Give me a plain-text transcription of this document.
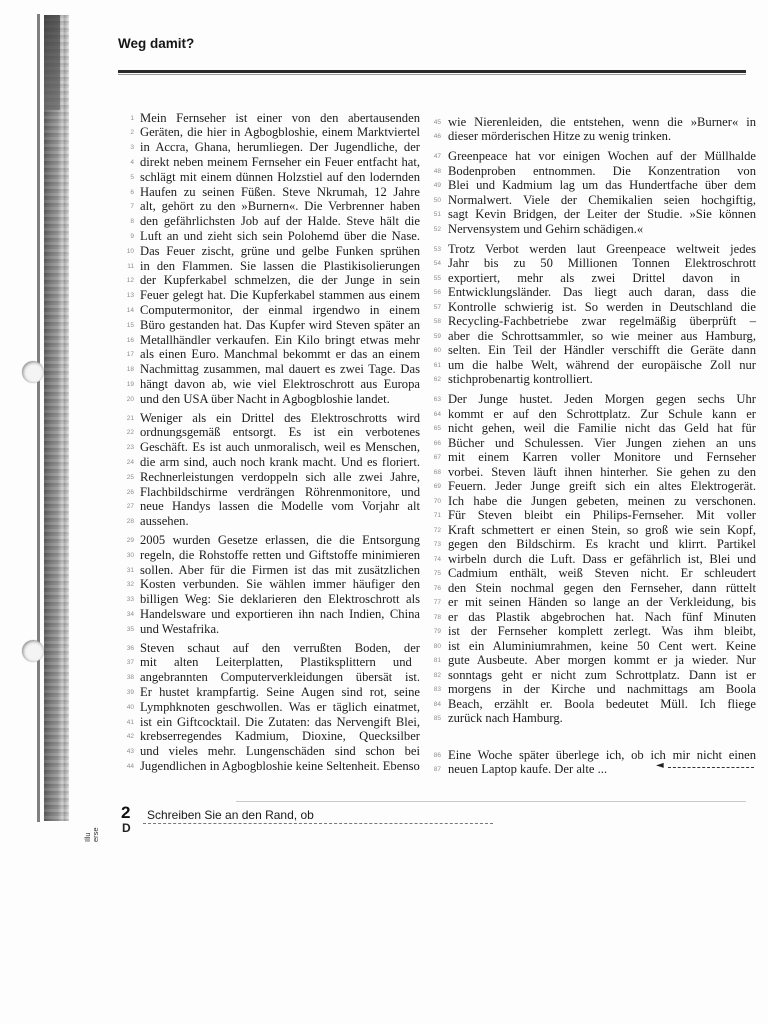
Weg damit?
1 Mein Fernseher ist einer von den abertausenden
2 Geräten, die hier in Agbogbloshie, einem Marktviertel
3 in Accra, Ghana, herumliegen. Der Jugendliche, der
4 direkt neben meinem Fernseher ein Feuer entfacht hat,
5 schlägt mit einem dünnen Holzstiel auf den lodernden
6 Haufen zu seinen Füßen. Steve Nkrumah, 12 Jahre
7 alt, gehört zu den »Burnern«. Die Verbrenner haben
8 den gefährlichsten Job auf der Halde. Steve hält die
9 Luft an und zieht sich sein Polohemd über die Nase.
10 Das Feuer zischt, grüne und gelbe Funken sprühen
11 in den Flammen. Sie lassen die Plastikisolierungen
12 der Kupferkabel schmelzen, die der Junge in sein
13 Feuer gelegt hat. Die Kupferkabel stammen aus einem
14 Computermonitor, der einmal irgendwo in einem
15 Büro gestanden hat. Das Kupfer wird Steven später an
16 Metallhändler verkaufen. Ein Kilo bringt etwas mehr
17 als einen Euro. Manchmal bekommt er das an einem
18 Nachmittag zusammen, mal dauert es zwei Tage. Das
19 hängt davon ab, wie viel Elektroschrott aus Europa
20 und den USA über Nacht in Agbogbloshie landet.
21 Weniger als ein Drittel des Elektroschrotts wird
22 ordnungsgemäß entsorgt. Es ist ein verbotenes
23 Geschäft. Es ist auch unmoralisch, weil es Menschen,
24 die arm sind, auch noch krank macht. Und es floriert.
25 Rechnerleistungen verdoppeln sich alle zwei Jahre,
26 Flachbildschirme verdrängen Röhrenmonitore, und
27 neue Handys lassen die Modelle vom Vorjahr alt
28 aussehen.
29 2005 wurden Gesetze erlassen, die die Entsorgung
30 regeln, die Rohstoffe retten und Giftstoffe minimieren
31 sollen. Aber für die Firmen ist das mit zusätzlichen
32 Kosten verbunden. Sie wählen immer häufiger den
33 billigen Weg: Sie deklarieren den Elektroschrott als
34 Handelsware und exportieren ihn nach Indien, China
35 und Westafrika.
36 Steven schaut auf den verrußten Boden, der
37 mit alten Leiterplatten, Plastiksplittern und
38 angebrannten Computerverkleidungen übersät ist.
39 Er hustet krampfartig. Seine Augen sind rot, seine
40 Lymphknoten geschwollen. Was er täglich einatmet,
41 ist ein Giftcocktail. Die Zutaten: das Nervengift Blei,
42 krebserregendes Kadmium, Dioxine, Quecksilber
43 und vieles mehr. Lungenschäden sind schon bei
44 Jugendlichen in Agbogbloshie keine Seltenheit. Ebenso
45 wie Nierenleiden, die entstehen, wenn die »Burner« in
46 dieser mörderischen Hitze zu wenig trinken.
47 Greenpeace hat vor einigen Wochen auf der Müllhalde
48 Bodenproben entnommen. Die Konzentration von
49 Blei und Kadmium lag um das Hundertfache über dem
50 Normalwert. Viele der Chemikalien seien hochgiftig,
51 sagt Kevin Bridgen, der Leiter der Studie. »Sie können
52 Nervensystem und Gehirn schädigen.«
53 Trotz Verbot werden laut Greenpeace weltweit jedes
54 Jahr bis zu 50 Millionen Tonnen Elektroschrott
55 exportiert, mehr als zwei Drittel davon in
56 Entwicklungsländer. Das liegt auch daran, dass die
57 Kontrolle schwierig ist. So werden in Deutschland die
58 Recycling-Fachbetriebe zwar regelmäßig überprüft –
59 aber die Schrottsammler, so wie meiner aus Hamburg,
60 selten. Ein Teil der Händler verschifft die Geräte dann
61 um die halbe Welt, während der europäische Zoll nur
62 stichprobenartig kontrolliert.
63 Der Junge hustet. Jeden Morgen gegen sechs Uhr
64 kommt er auf den Schrottplatz. Zur Schule kann er
65 nicht gehen, weil die Familie nicht das Geld hat für
66 Bücher und Schulessen. Vier Jungen ziehen an uns
67 mit einem Karren voller Monitore und Fernseher
68 vorbei. Steven läuft ihnen hinterher. Sie gehen zu den
69 Feuern. Jeder Junge greift sich ein altes Elektrogerät.
70 Ich habe die Jungen gebeten, meinen zu verschonen.
71 Für Steven bleibt ein Philips-Fernseher. Mit voller
72 Kraft schmettert er einen Stein, so groß wie sein Kopf,
73 gegen den Bildschirm. Es kracht und klirrt. Partikel
74 wirbeln durch die Luft. Dass er gefährlich ist, Blei und
75 Cadmium enthält, weiß Steven nicht. Er schleudert
76 den Stein nochmal gegen den Fernseher, dann rüttelt
77 er mit seinen Händen so lange an der Verkleidung, bis
78 er das Plastik abgebrochen hat. Nach fünf Minuten
79 ist der Fernseher komplett zerlegt. Was ihm bleibt,
80 ist ein Aluminiumrahmen, keine 50 Cent wert. Keine
81 gute Ausbeute. Aber morgen kommt er ja wieder. Nur
82 sonntags geht er nicht zum Schrottplatz. Dann ist er
83 morgens in der Kirche und nachmittags am Boola
84 Beach, erzählt er. Boola bedeutet Müll. Ich fliege
85 zurück nach Hamburg.
86 Eine Woche später überlege ich, ob ich mir nicht einen
87 neuen Laptop kaufe. Der alte ...	◄
2
D
Schreiben Sie an den Rand, ob
Illu erse
